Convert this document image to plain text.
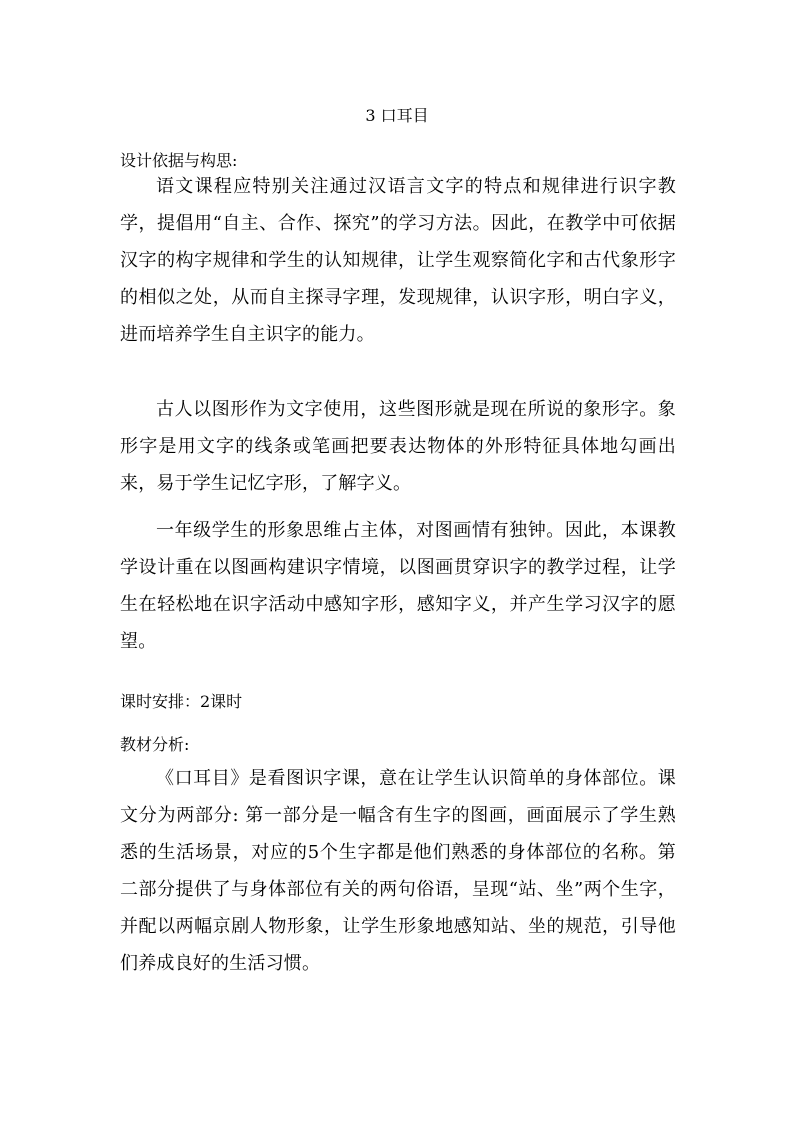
3 口耳目
设计依据与构思:

语文课程应特别关注通过汉语言文字的特点和规律进行识字教学，提倡用“自主、合作、探究”的学习方法。因此，在教学中可依据汉字的构字规律和学生的认知规律，让学生观察简化字和古代象形字的相似之处，从而自主探寻字理，发现规律，认识字形，明白字义，进而培养学生自主识字的能力。

古人以图形作为文字使用，这些图形就是现在所说的象形字。象形字是用文字的线条或笔画把要表达物体的外形特征具体地勾画出来，易于学生记忆字形，了解字义。

一年级学生的形象思维占主体，对图画情有独钟。因此，本课教学设计重在以图画构建识字情境，以图画贯穿识字的教学过程，让学生在轻松地在识字活动中感知字形，感知字义，并产生学习汉字的愿望。

课时安排：2课时
教材分析:

《口耳目》是看图识字课，意在让学生认识简单的身体部位。课文分为两部分: 第一部分是一幅含有生字的图画，画面展示了学生熟悉的生活场景，对应的5个生字都是他们熟悉的身体部位的名称。第二部分提供了与身体部位有关的两句俗语，呈现“站、坐”两个生字，并配以两幅京剧人物形象，让学生形象地感知站、坐的规范，引导他们养成良好的生活习惯。
